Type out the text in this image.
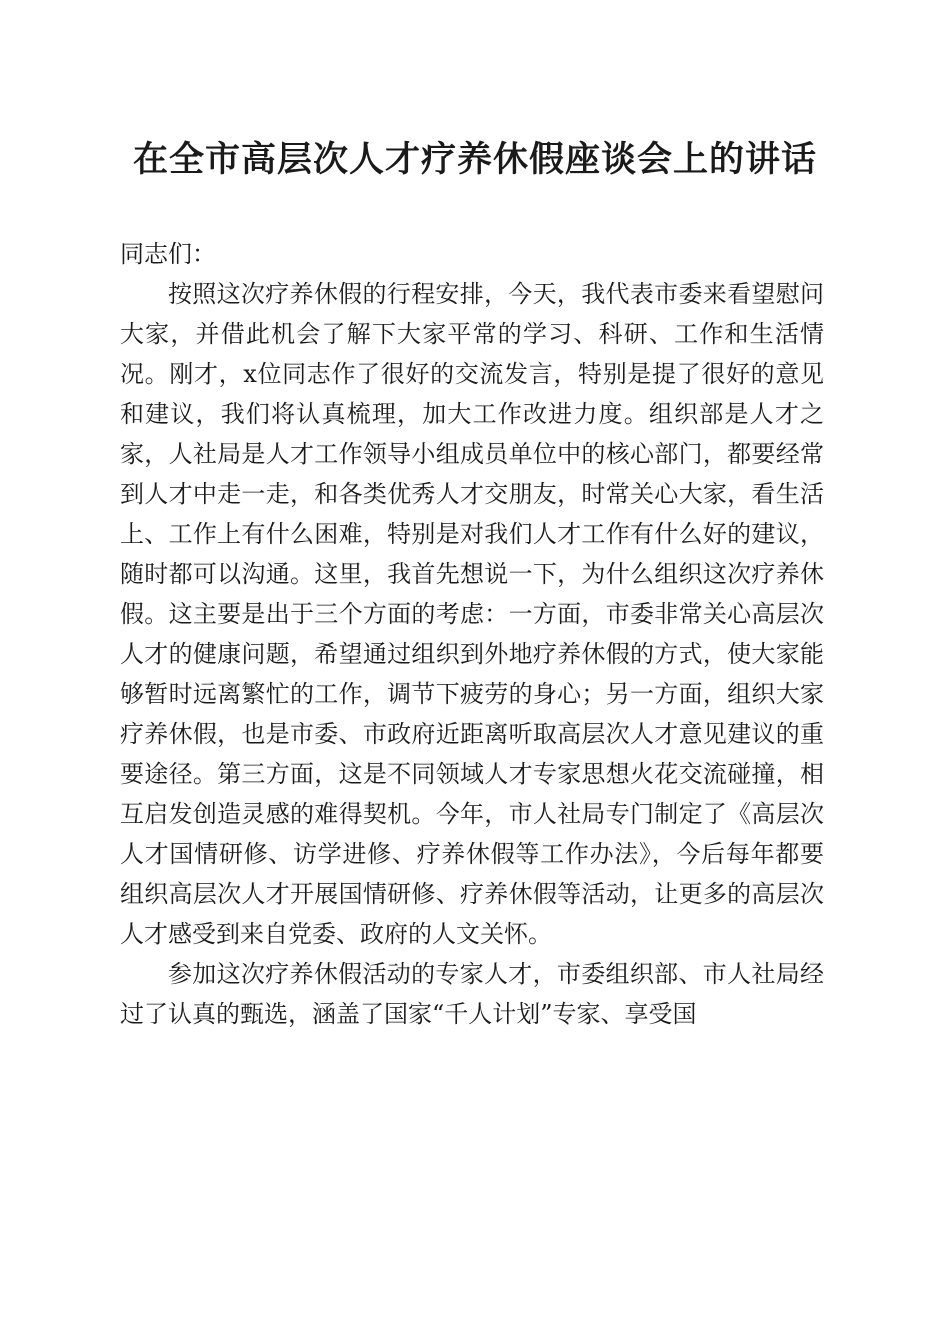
在全市高层次人才疗养休假座谈会上的讲话

同志们：

按照这次疗养休假的行程安排，今天，我代表市委来看望慰问大家，并借此机会了解下大家平常的学习、科研、工作和生活情况。刚才，x位同志作了很好的交流发言，特别是提了很好的意见和建议，我们将认真梳理，加大工作改进力度。组织部是人才之家，人社局是人才工作领导小组成员单位中的核心部门，都要经常到人才中走一走，和各类优秀人才交朋友，时常关心大家，看生活上、工作上有什么困难，特别是对我们人才工作有什么好的建议，随时都可以沟通。这里，我首先想说一下，为什么组织这次疗养休假。这主要是出于三个方面的考虑：一方面，市委非常关心高层次人才的健康问题，希望通过组织到外地疗养休假的方式，使大家能够暂时远离繁忙的工作，调节下疲劳的身心；另一方面，组织大家疗养休假，也是市委、市政府近距离听取高层次人才意见建议的重要途径。第三方面，这是不同领域人才专家思想火花交流碰撞，相互启发创造灵感的难得契机。今年，市人社局专门制定了《高层次人才国情研修、访学进修、疗养休假等工作办法》，今后每年都要组织高层次人才开展国情研修、疗养休假等活动，让更多的高层次人才感受到来自党委、政府的人文关怀。

参加这次疗养休假活动的专家人才，市委组织部、市人社局经过了认真的甄选，涵盖了国家“千人计划”专家、享受国
